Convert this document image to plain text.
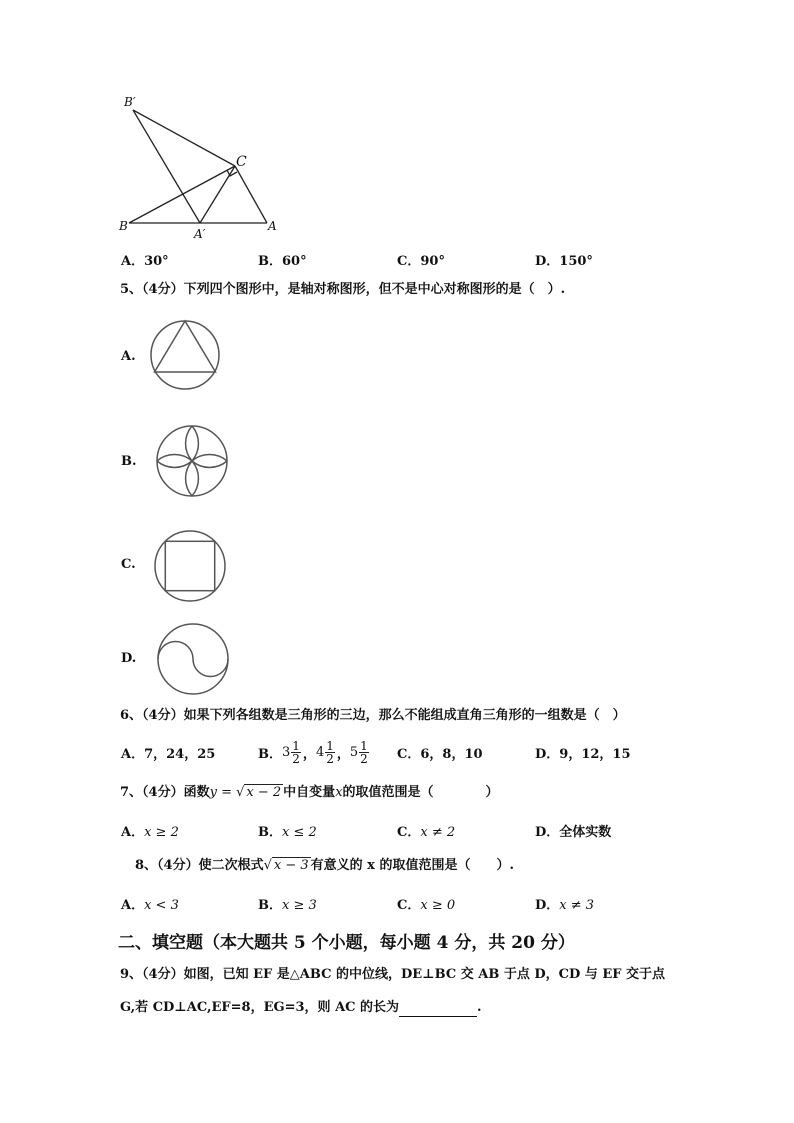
B′
C
B
A′
A
A．30°	B．60°	C．90°	D．150°
5、（4分）下列四个图形中，是轴对称图形，但不是中心对称图形的是（　）.
A.
B.
C.
D.
6、（4分）如果下列各组数是三角形的三边，那么不能组成直角三角形的一组数是（　）
A．7，24，25	B． $3 \frac{1}{2}$ ， $4 \frac{1}{2}$ ， $5 \frac{1}{2}$ C．6，8，10	D．9，12，15
7、（4分）函数y = √ x − 2 中自变量x的取值范围是（　　　　）
A．x ≥ 2	B．x ≤ 2	C．x ≠ 2	D．全体实数
8、（4分）使二次根式√ x − 3 有意义的 x 的取值范围是（　　）.
A．x < 3	B．x ≥ 3	C．x ≥ 0	D．x ≠ 3
二、填空题（本大题共 5 个小题，每小题 4 分，共 20 分）
9、（4分）如图，已知 EF 是△ABC 的中位线，DE⊥BC 交 AB 于点 D，CD 与 EF 交于点
G,若 CD⊥AC,EF=8，EG=3，则 AC 的长为	.
